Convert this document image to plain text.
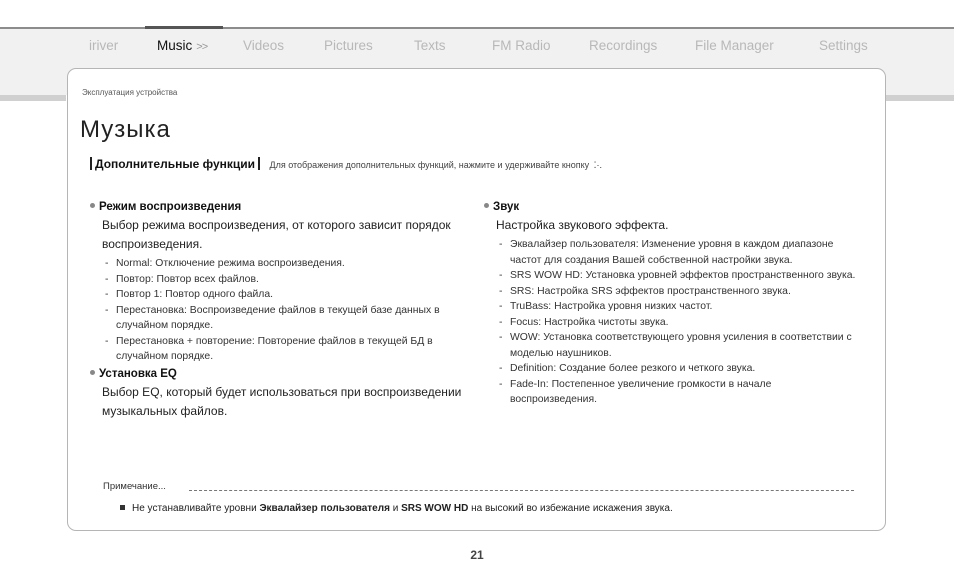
iriver	Music >>	Videos	Pictures	Texts	FM Radio	Recordings	File Manager	Settings
Эксплуатация устройства
Музыка
Дополнительные функции Для отображения дополнительных функций, нажмите и удерживайте кнопку ⁚·.

Режим воспроизведения

Выбор режима воспроизведения, от которого зависит порядок воспроизведения.

- Normal: Отключение режима воспроизведения.
- Повтор: Повтор всех файлов.
- Повтор 1: Повтор одного файла.
- Перестановка: Воспроизведение файлов в текущей базе данных в случайном порядке.
- Перестановка + повторение: Повторение файлов в текущей БД в случайном порядке.

Установка EQ

Выбор EQ, который будет использоваться при воспроизведении музыкальных файлов.

Звук

Настройка звукового эффекта.

- Эквалайзер пользователя: Изменение уровня в каждом диапазоне частот для создания Вашей собственной настройки звука.
- SRS WOW HD: Установка уровней эффектов пространственного звука.
- SRS: Настройка SRS эффектов пространственного звука.
- TruBass: Настройка уровня низких частот.
- Focus: Настройка чистоты звука.
- WOW: Установка соответствующего уровня усиления в соответствии с моделью наушников.
- Definition: Создание более резкого и четкого звука.
- Fade-In: Постепенное увеличение громкости в начале воспроизведения.
Примечание...
Не устанавливайте уровни Эквалайзер пользователя и SRS WOW HD на высокий во избежание искажения звука.
21
